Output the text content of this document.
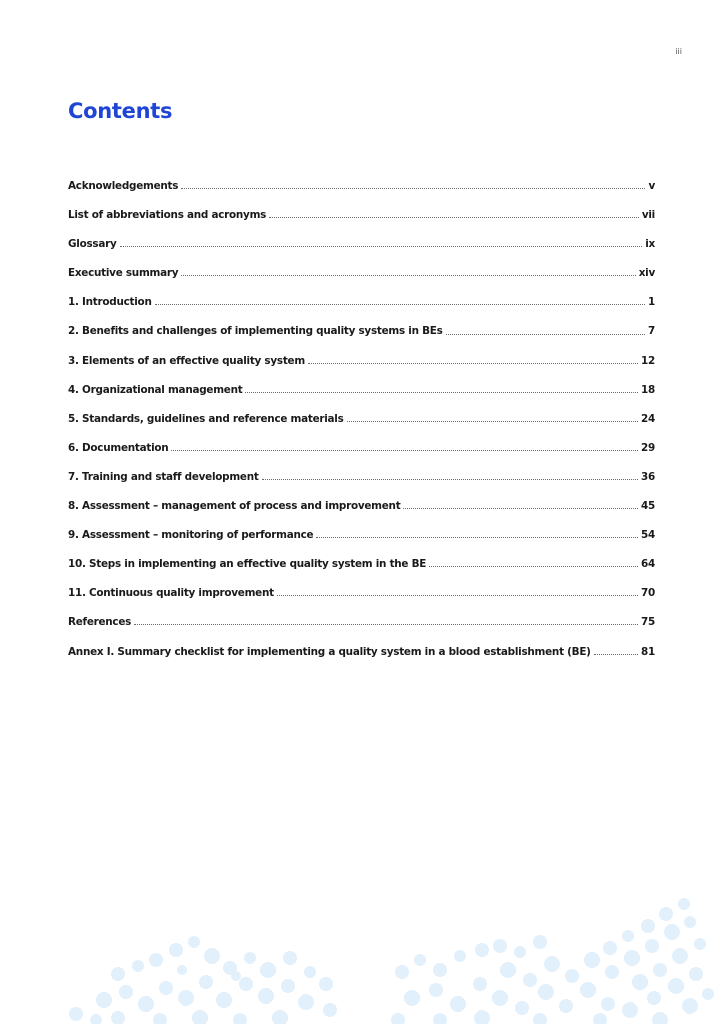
iii
Contents
Acknowledgements	v
List of abbreviations and acronyms	vii
Glossary	ix
Executive summary	xiv
1. Introduction	1
2. Benefits and challenges of implementing quality systems in BEs	7
3. Elements of an effective quality system	12
4. Organizational management	18
5. Standards, guidelines and reference materials	24
6. Documentation	29
7. Training and staff development	36
8. Assessment – management of process and improvement	45
9. Assessment – monitoring of performance	54
10. Steps in implementing an effective quality system in the BE	64
11. Continuous quality improvement	70
References	75
Annex I. Summary checklist for implementing a quality system in a blood establishment (BE)	81
